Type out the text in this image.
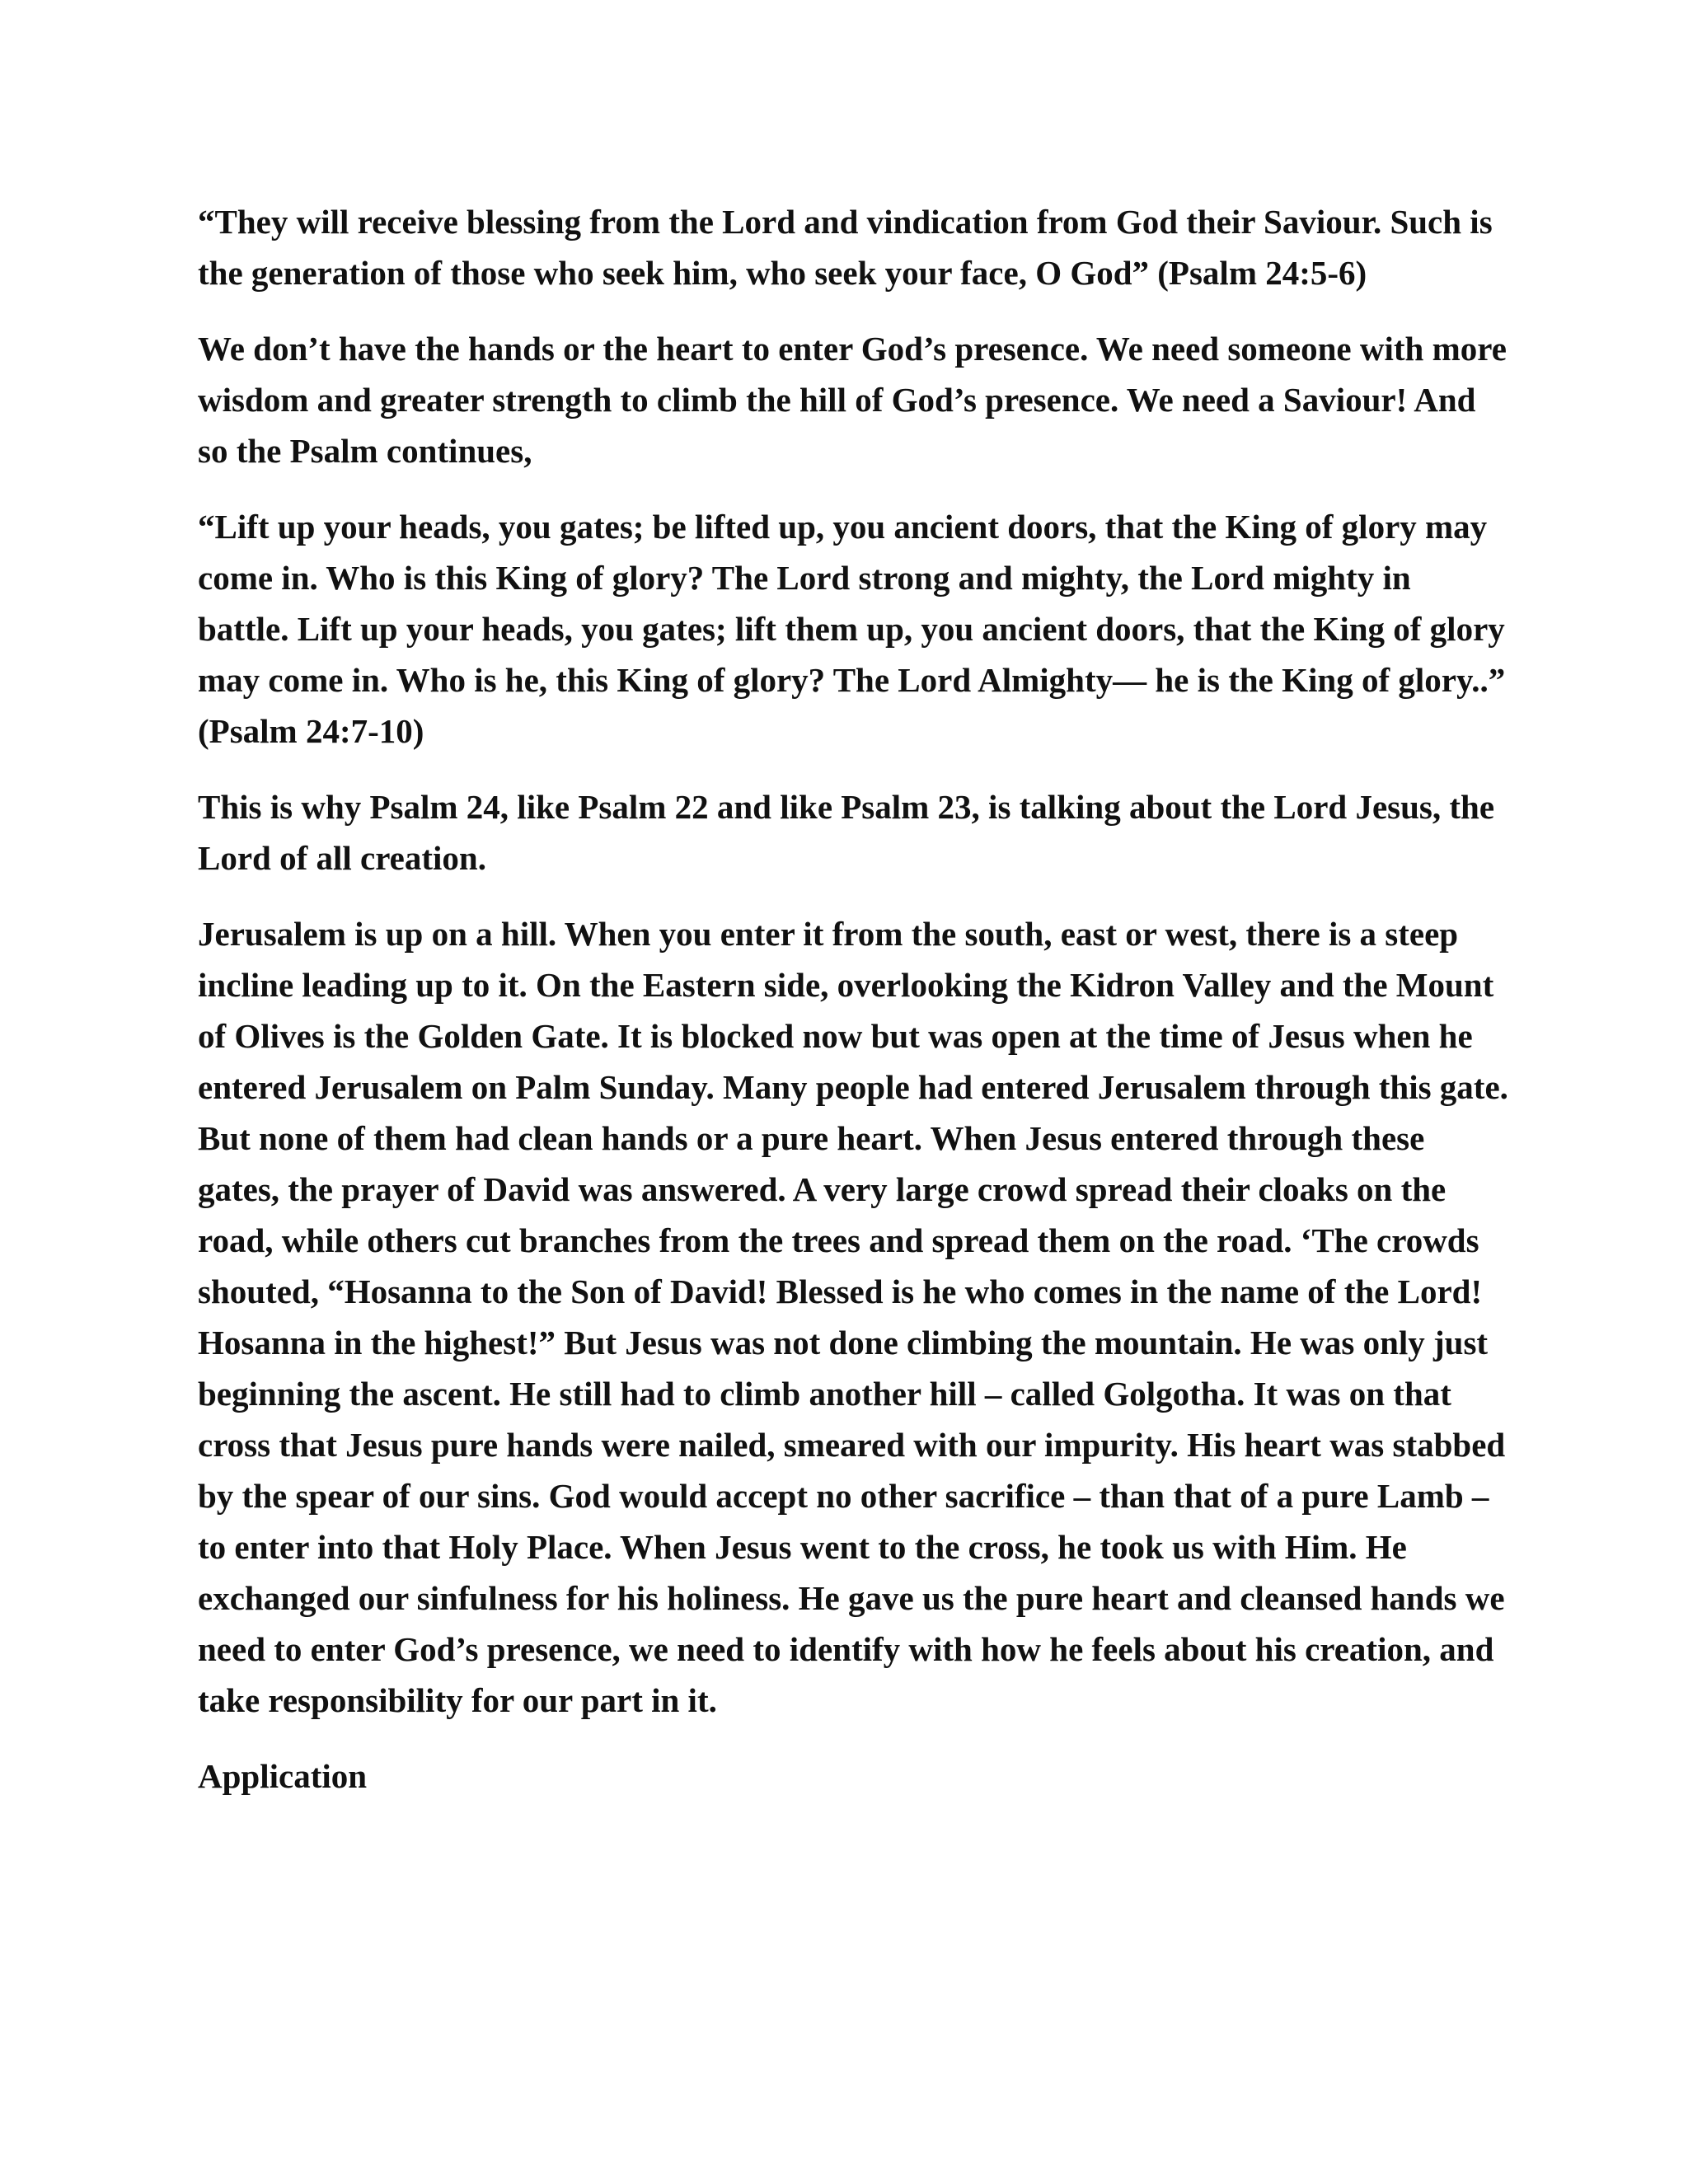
“They will receive blessing from the Lord and vindication from God their Saviour. Such is the generation of those who seek him, who seek your face, O God” (Psalm 24:5-6)

We don’t have the hands or the heart to enter God’s presence. We need someone with more wisdom and greater strength to climb the hill of God’s presence. We need a Saviour! And so the Psalm continues,

“Lift up your heads, you gates; be lifted up, you ancient doors, that the King of glory may come in. Who is this King of glory? The Lord strong and mighty, the Lord mighty in battle. Lift up your heads, you gates; lift them up, you ancient doors, that the King of glory may come in. Who is he, this King of glory? The Lord Almighty— he is the King of glory..” (Psalm 24:7-10)

This is why Psalm 24, like Psalm 22 and like Psalm 23, is talking about the Lord Jesus, the Lord of all creation.

Jerusalem is up on a hill. When you enter it from the south, east or west, there is a steep incline leading up to it. On the Eastern side, overlooking the Kidron Valley and the Mount of Olives is the Golden Gate. It is blocked now but was open at the time of Jesus when he entered Jerusalem on Palm Sunday. Many people had entered Jerusalem through this gate. But none of them had clean hands or a pure heart. When Jesus entered through these gates, the prayer of David was answered. A very large crowd spread their cloaks on the road, while others cut branches from the trees and spread them on the road. ‘The crowds shouted, “Hosanna to the Son of David! Blessed is he who comes in the name of the Lord! Hosanna in the highest!” But Jesus was not done climbing the mountain. He was only just beginning the ascent. He still had to climb another hill – called Golgotha. It was on that cross that Jesus pure hands were nailed, smeared with our impurity. His heart was stabbed by the spear of our sins. God would accept no other sacrifice – than that of a pure Lamb – to enter into that Holy Place. When Jesus went to the cross, he took us with Him. He exchanged our sinfulness for his holiness. He gave us the pure heart and cleansed hands we need to enter God’s presence, we need to identify with how he feels about his creation, and take responsibility for our part in it.

Application
